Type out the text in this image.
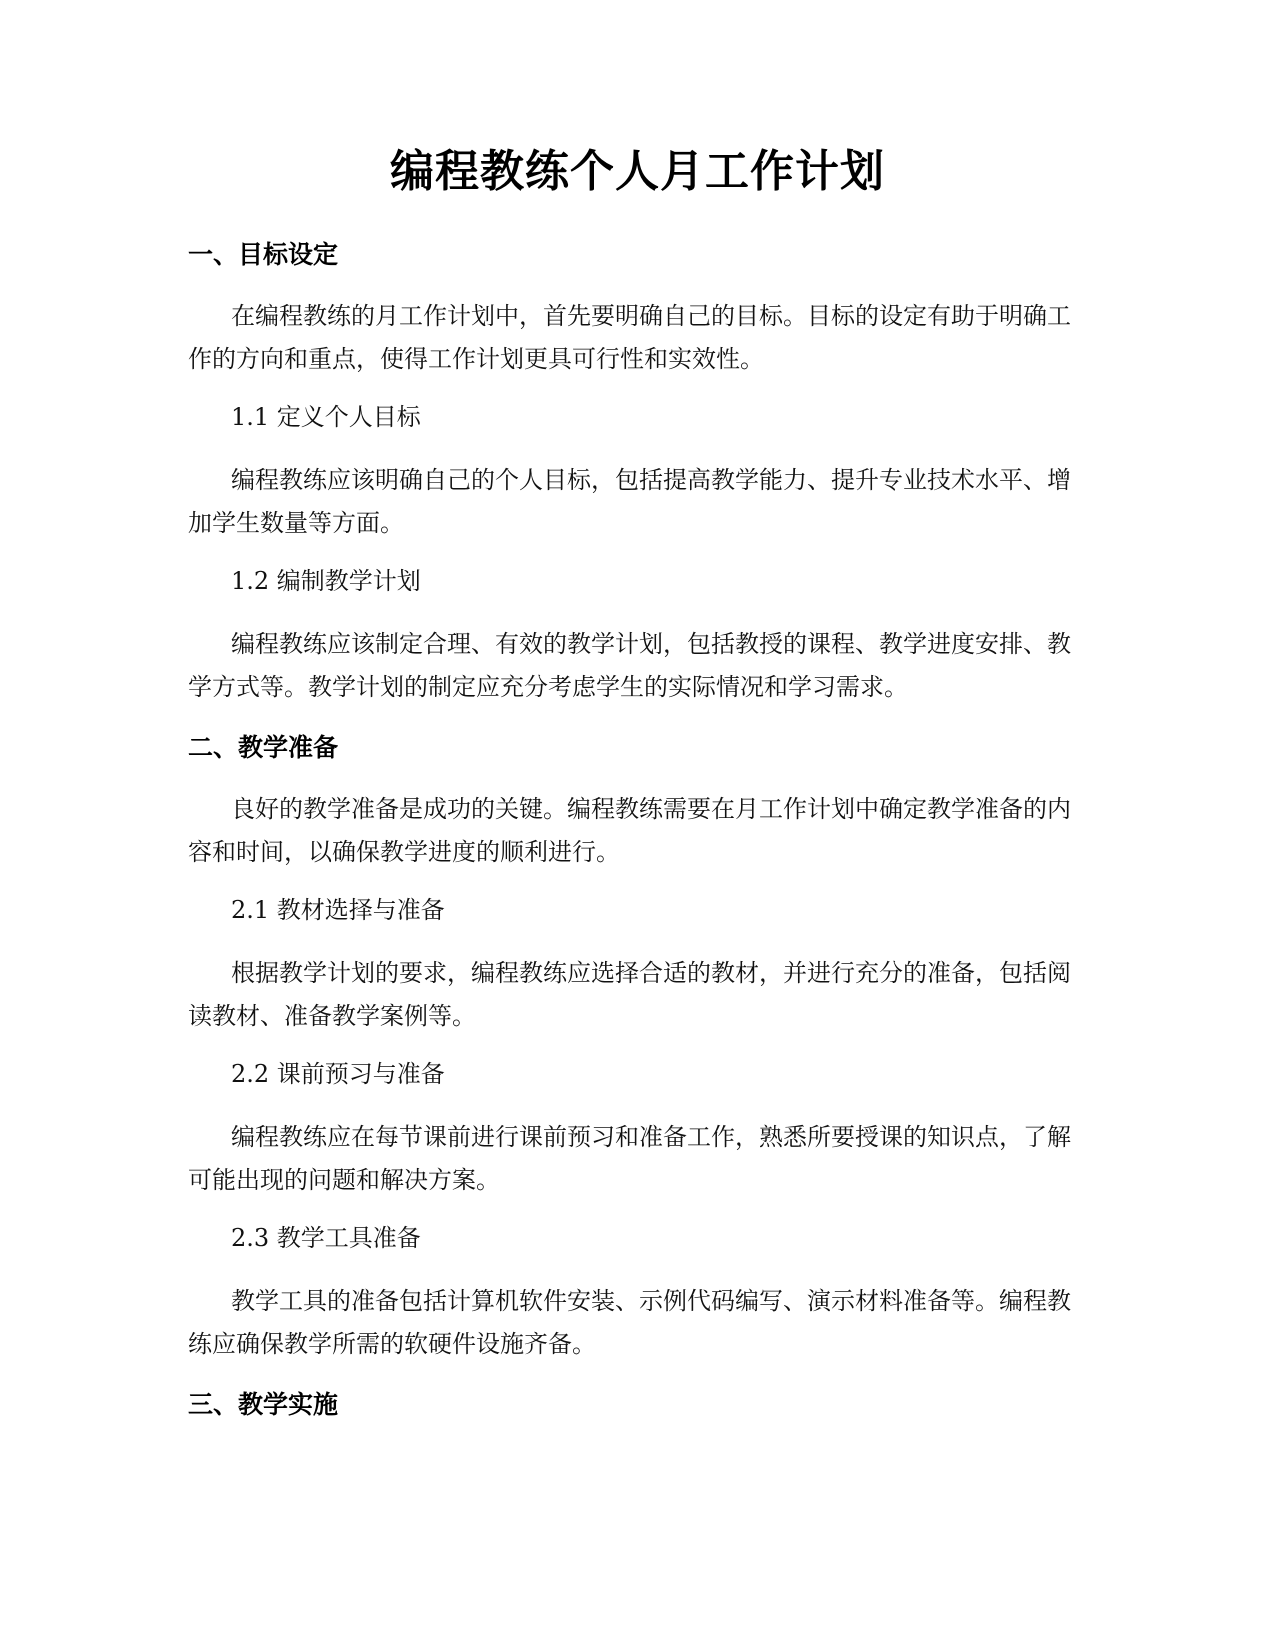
编程教练个人月工作计划
一、目标设定
在编程教练的月工作计划中，首先要明确自己的目标。目标的设定有助于明确工作的方向和重点，使得工作计划更具可行性和实效性。
1.1 定义个人目标
编程教练应该明确自己的个人目标，包括提高教学能力、提升专业技术水平、增加学生数量等方面。
1.2 编制教学计划
编程教练应该制定合理、有效的教学计划，包括教授的课程、教学进度安排、教学方式等。教学计划的制定应充分考虑学生的实际情况和学习需求。
二、教学准备
良好的教学准备是成功的关键。编程教练需要在月工作计划中确定教学准备的内容和时间，以确保教学进度的顺利进行。
2.1 教材选择与准备
根据教学计划的要求，编程教练应选择合适的教材，并进行充分的准备，包括阅读教材、准备教学案例等。
2.2 课前预习与准备
编程教练应在每节课前进行课前预习和准备工作，熟悉所要授课的知识点，了解可能出现的问题和解决方案。
2.3 教学工具准备
教学工具的准备包括计算机软件安装、示例代码编写、演示材料准备等。编程教练应确保教学所需的软硬件设施齐备。
三、教学实施
